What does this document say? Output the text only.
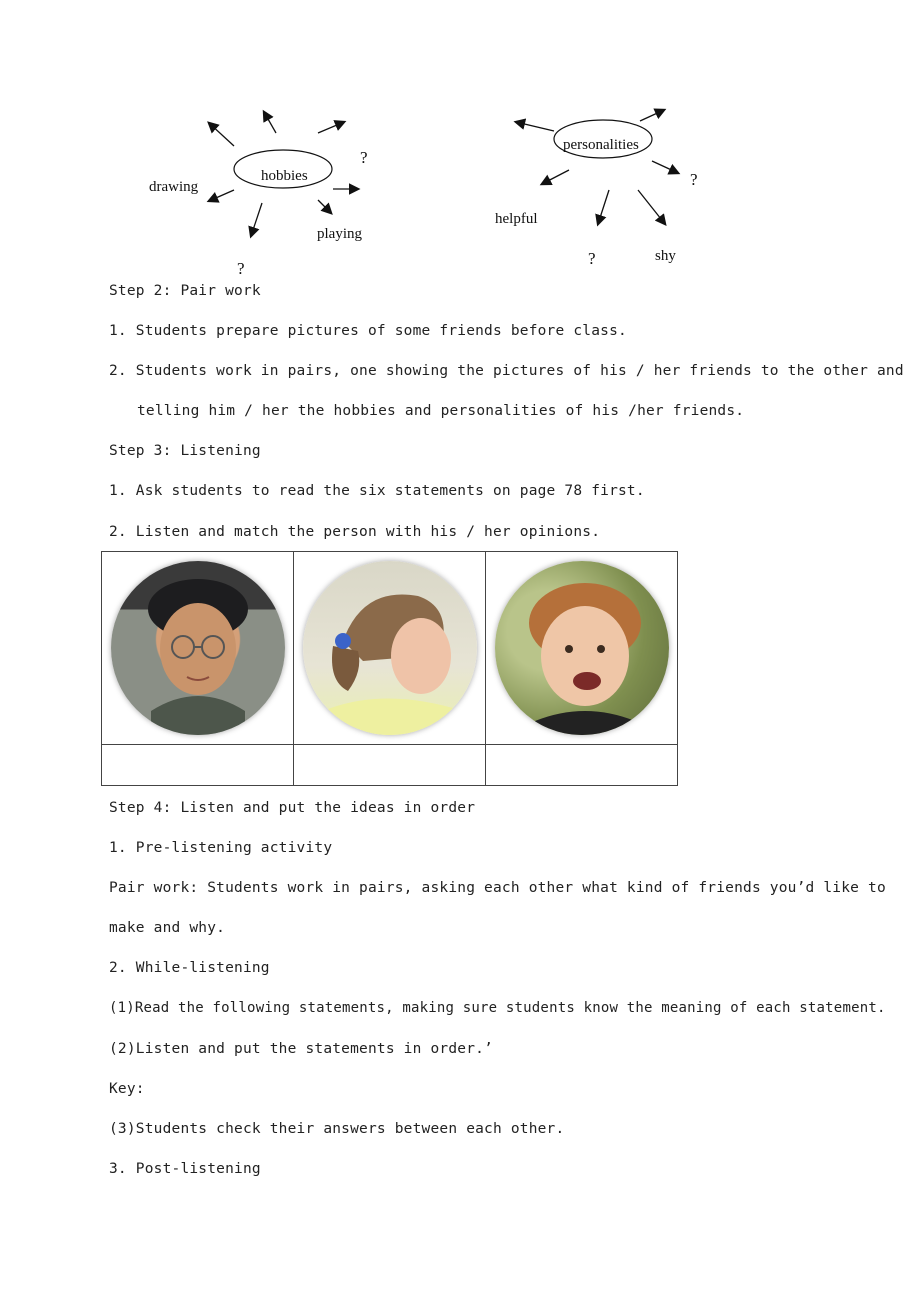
hobbies
drawing
playing
?
?
personalities
helpful
shy
?
?
Step 2: Pair work
1. Students prepare pictures of some friends before class.
2. Students work in pairs, one showing the pictures of his / her friends to the other and
telling him / her the hobbies and personalities of his /her friends.
Step 3: Listening
1. Ask students to read the six statements on page 78 first.
2. Listen and match the person with his / her opinions.

Step 4: Listen and put the ideas in order
1. Pre-listening activity
Pair work: Students work in pairs, asking each other what kind of friends you’d like to
make and why.
2. While-listening
(1)Read the following statements, making sure students know the meaning of each statement.
(2)Listen and put the statements in order.’
Key:
(3)Students check their answers between each other.
3. Post-listening
